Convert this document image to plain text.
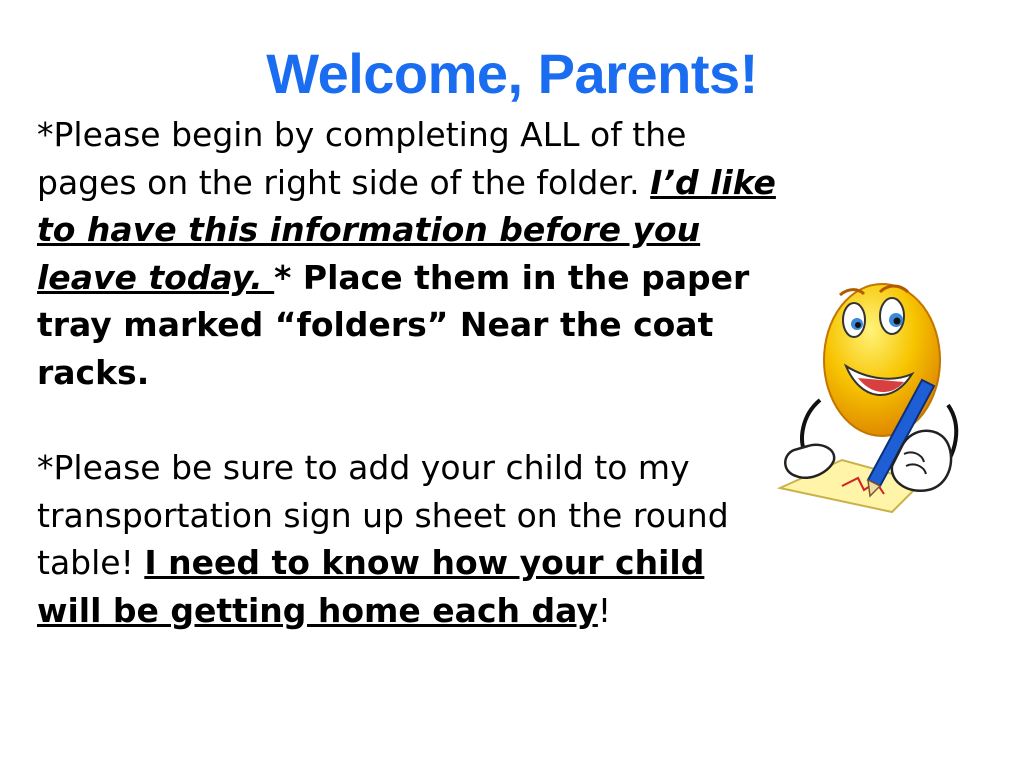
Welcome, Parents!

*Please begin by completing ALL of the pages on the right side of the folder. I’d like to have this information before you leave today. * Place them in the paper tray marked “folders” Near the coat racks.

*Please be sure to add your child to my transportation sign up sheet on the round table! I need to know how your child will be getting home each day!
